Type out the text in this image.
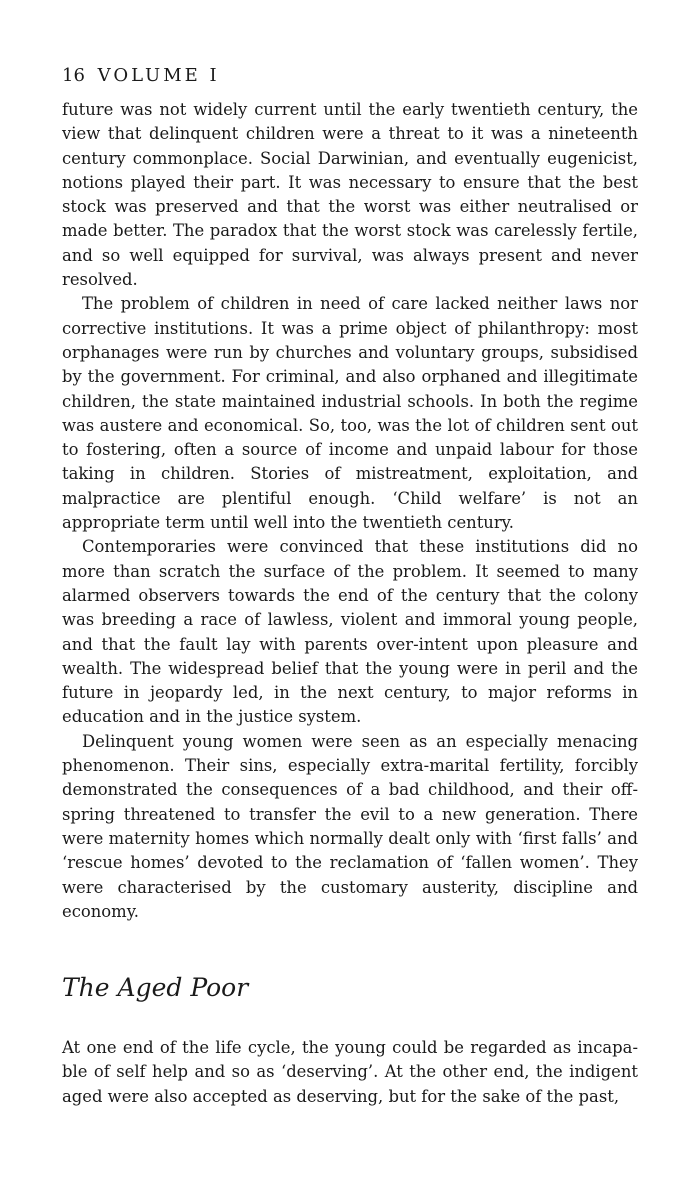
16 VOLUME I

future was not widely current until the early twentieth century, the view that delinquent children were a threat to it was a nineteenth century commonplace. Social Darwinian, and eventually eugenicist, notions played their part. It was necessary to ensure that the best stock was preserved and that the worst was either neutralised or made better. The paradox that the worst stock was carelessly fertile, and so well equipped for survival, was always present and never resolved.

The problem of children in need of care lacked neither laws nor corrective institutions. It was a prime object of philanthropy: most orphanages were run by churches and voluntary groups, subsidised by the government. For criminal, and also orphaned and illegitimate children, the state maintained industrial schools. In both the regime was austere and economical. So, too, was the lot of children sent out to fostering, often a source of income and unpaid labour for those taking in children. Stories of mistreatment, exploitation, and malpractice are plentiful enough. ‘Child welfare’ is not an appropriate term until well into the twentieth century.

Contemporaries were convinced that these institutions did no more than scratch the surface of the problem. It seemed to many alarmed observers towards the end of the century that the colony was breeding a race of lawless, violent and immoral young people, and that the fault lay with parents over-intent upon pleasure and wealth. The widespread belief that the young were in peril and the future in jeopardy led, in the next century, to major reforms in education and in the justice system.

Delinquent young women were seen as an especially menacing phenomenon. Their sins, especially extra-marital fertility, forcibly demonstrated the consequences of a bad childhood, and their offspring threatened to transfer the evil to a new generation. There were maternity homes which normally dealt only with ‘first falls’ and ‘rescue homes’ devoted to the reclamation of ‘fallen women’. They were characterised by the customary austerity, discipline and economy.

The Aged Poor

At one end of the life cycle, the young could be regarded as incapable of self help and so as ‘deserving’. At the other end, the indigent aged were also accepted as deserving, but for the sake of the past,
